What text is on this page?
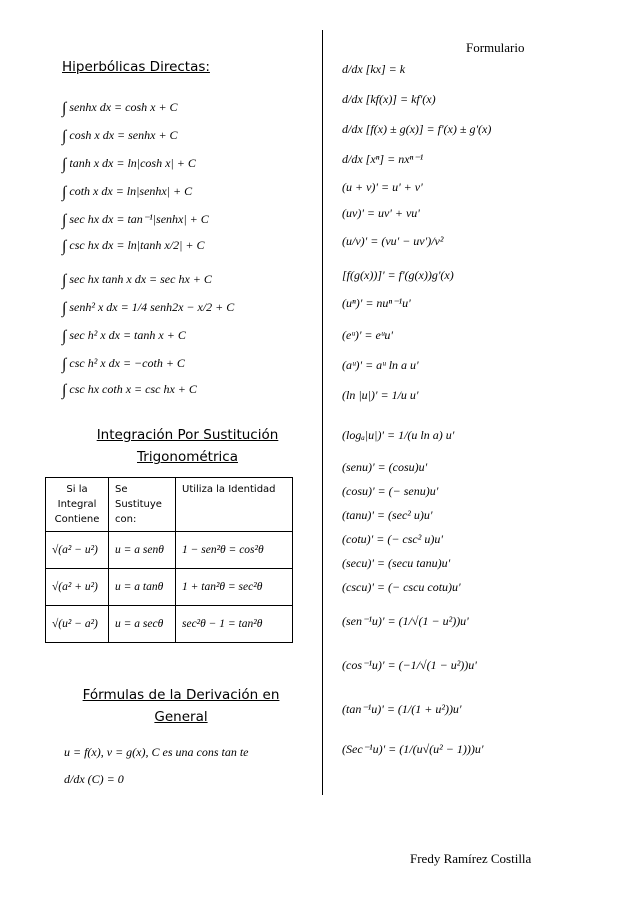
Formulario
Fredy Ramírez Costilla
Hiperbólicas Directas:
∫ senhx dx = cosh x + C
∫ cosh x dx = senhx + C
∫ tanh x dx = ln|cosh x| + C
∫ coth x dx = ln|senhx| + C
∫ sec hx dx = tan⁻¹|senhx| + C
∫ csc hx dx = ln|tanh x/2| + C
∫ sec hx tanh x dx = sec hx + C
∫ senh² x dx = 1/4 senh2x − x/2 + C
∫ sec h² x dx = tanh x + C
∫ csc h² x dx = −coth + C
∫ csc hx coth x = csc hx + C
Integración Por Sustitución Trigonométrica
Si la Integral Contiene	Se Sustituye con:	Utiliza la Identidad
√(a² − u²)	u = a senθ	1 − sen²θ = cos²θ
√(a² + u²)	u = a tanθ	1 + tan²θ = sec²θ
√(u² − a²)	u = a secθ	sec²θ − 1 = tan²θ
Fórmulas de la Derivación en General
u = f(x), v = g(x), C es una cons tan te
d/dx (C) = 0
d/dx [kx] = k
d/dx [kf(x)] = kf'(x)
d/dx [f(x) ± g(x)] = f'(x) ± g'(x)
d/dx [xⁿ] = nxⁿ⁻¹
(u + v)' = u' + v'
(uv)' = uv' + vu'
(u/v)' = (vu' − uv')/v²
[f(g(x))]' = f'(g(x))g'(x)
(uⁿ)' = nuⁿ⁻¹u'
(eᵘ)' = eᵘu'
(aᵘ)' = aᵘ ln a u'
(ln |u|)' = 1/u u'
(logₐ|u|)' = 1/(u ln a) u'
(senu)' = (cosu)u'
(cosu)' = (− senu)u'
(tanu)' = (sec² u)u'
(cotu)' = (− csc² u)u'
(secu)' = (secu tanu)u'
(cscu)' = (− cscu cotu)u'
(sen⁻¹u)' = (1/√(1 − u²))u'
(cos⁻¹u)' = (−1/√(1 − u²))u'
(tan⁻¹u)' = (1/(1 + u²))u'
(Sec⁻¹u)' = (1/(u√(u² − 1)))u'
